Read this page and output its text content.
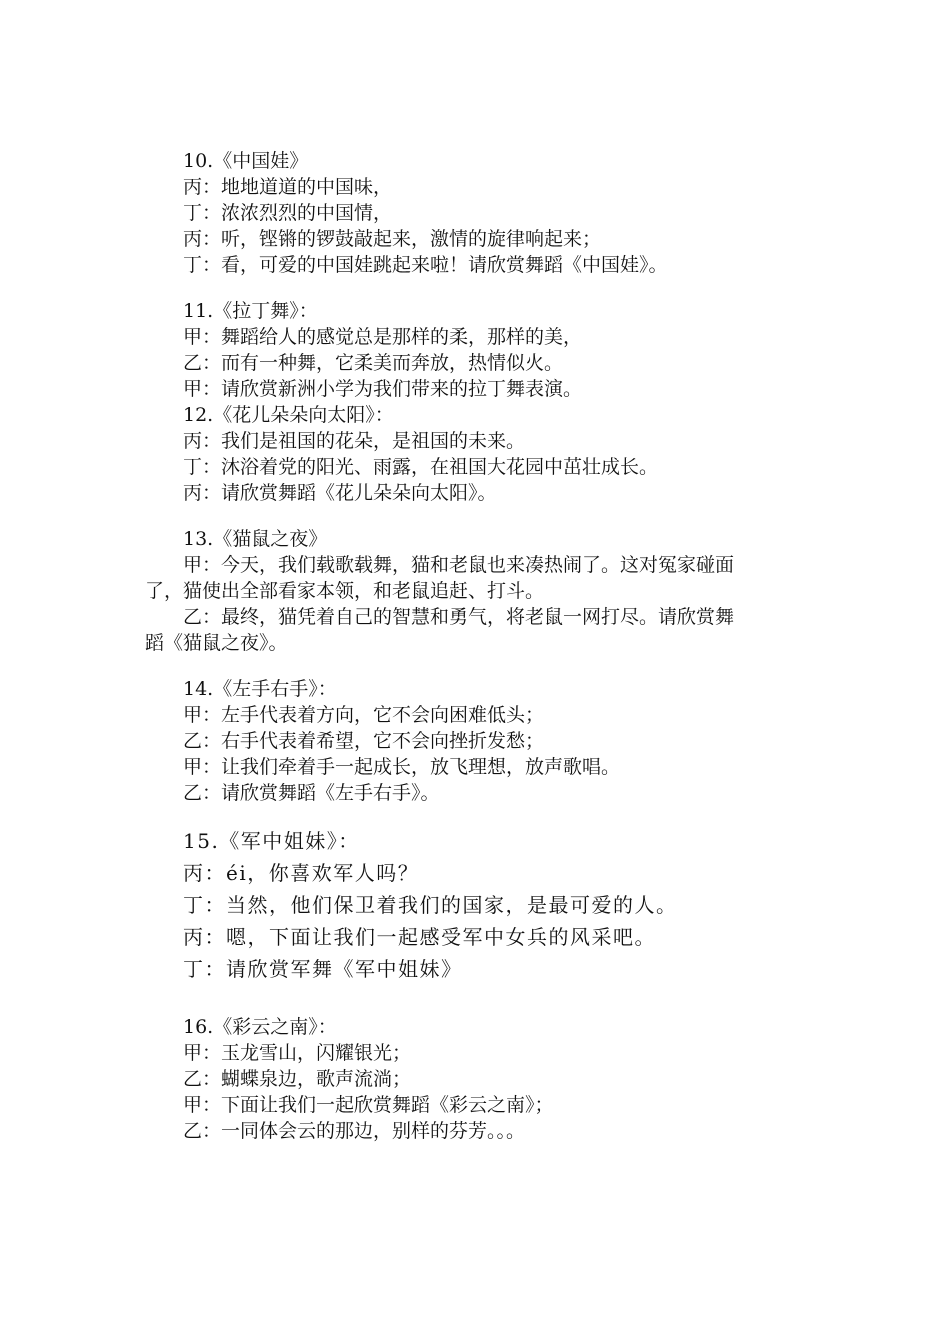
10.《中国娃》
丙：地地道道的中国味，
丁：浓浓烈烈的中国情，
丙：听，铿锵的锣鼓敲起来，激情的旋律响起来；
丁：看，可爱的中国娃跳起来啦！请欣赏舞蹈《中国娃》。
11.《拉丁舞》：
甲：舞蹈给人的感觉总是那样的柔，那样的美，
乙：而有一种舞，它柔美而奔放，热情似火。
甲：请欣赏新洲小学为我们带来的拉丁舞表演。
12.《花儿朵朵向太阳》：
丙：我们是祖国的花朵，是祖国的未来。
丁：沐浴着党的阳光、雨露，在祖国大花园中茁壮成长。
丙：请欣赏舞蹈《花儿朵朵向太阳》。
13.《猫鼠之夜》
甲：今天，我们载歌载舞，猫和老鼠也来凑热闹了。这对冤家碰面
了，猫使出全部看家本领，和老鼠追赶、打斗。
乙：最终，猫凭着自己的智慧和勇气，将老鼠一网打尽。请欣赏舞
蹈《猫鼠之夜》。
14.《左手右手》：
甲：左手代表着方向，它不会向困难低头；
乙：右手代表着希望，它不会向挫折发愁；
甲：让我们牵着手一起成长，放飞理想，放声歌唱。
乙：请欣赏舞蹈《左手右手》。
15.《军中姐妹》：
丙：éi，你喜欢军人吗？
丁：当然，他们保卫着我们的国家，是最可爱的人。
丙：嗯，下面让我们一起感受军中女兵的风采吧。
丁：请欣赏军舞《军中姐妹》
16.《彩云之南》：
甲：玉龙雪山，闪耀银光；
乙：蝴蝶泉边，歌声流淌；
甲：下面让我们一起欣赏舞蹈《彩云之南》；
乙：一同体会云的那边，别样的芬芳。。。
